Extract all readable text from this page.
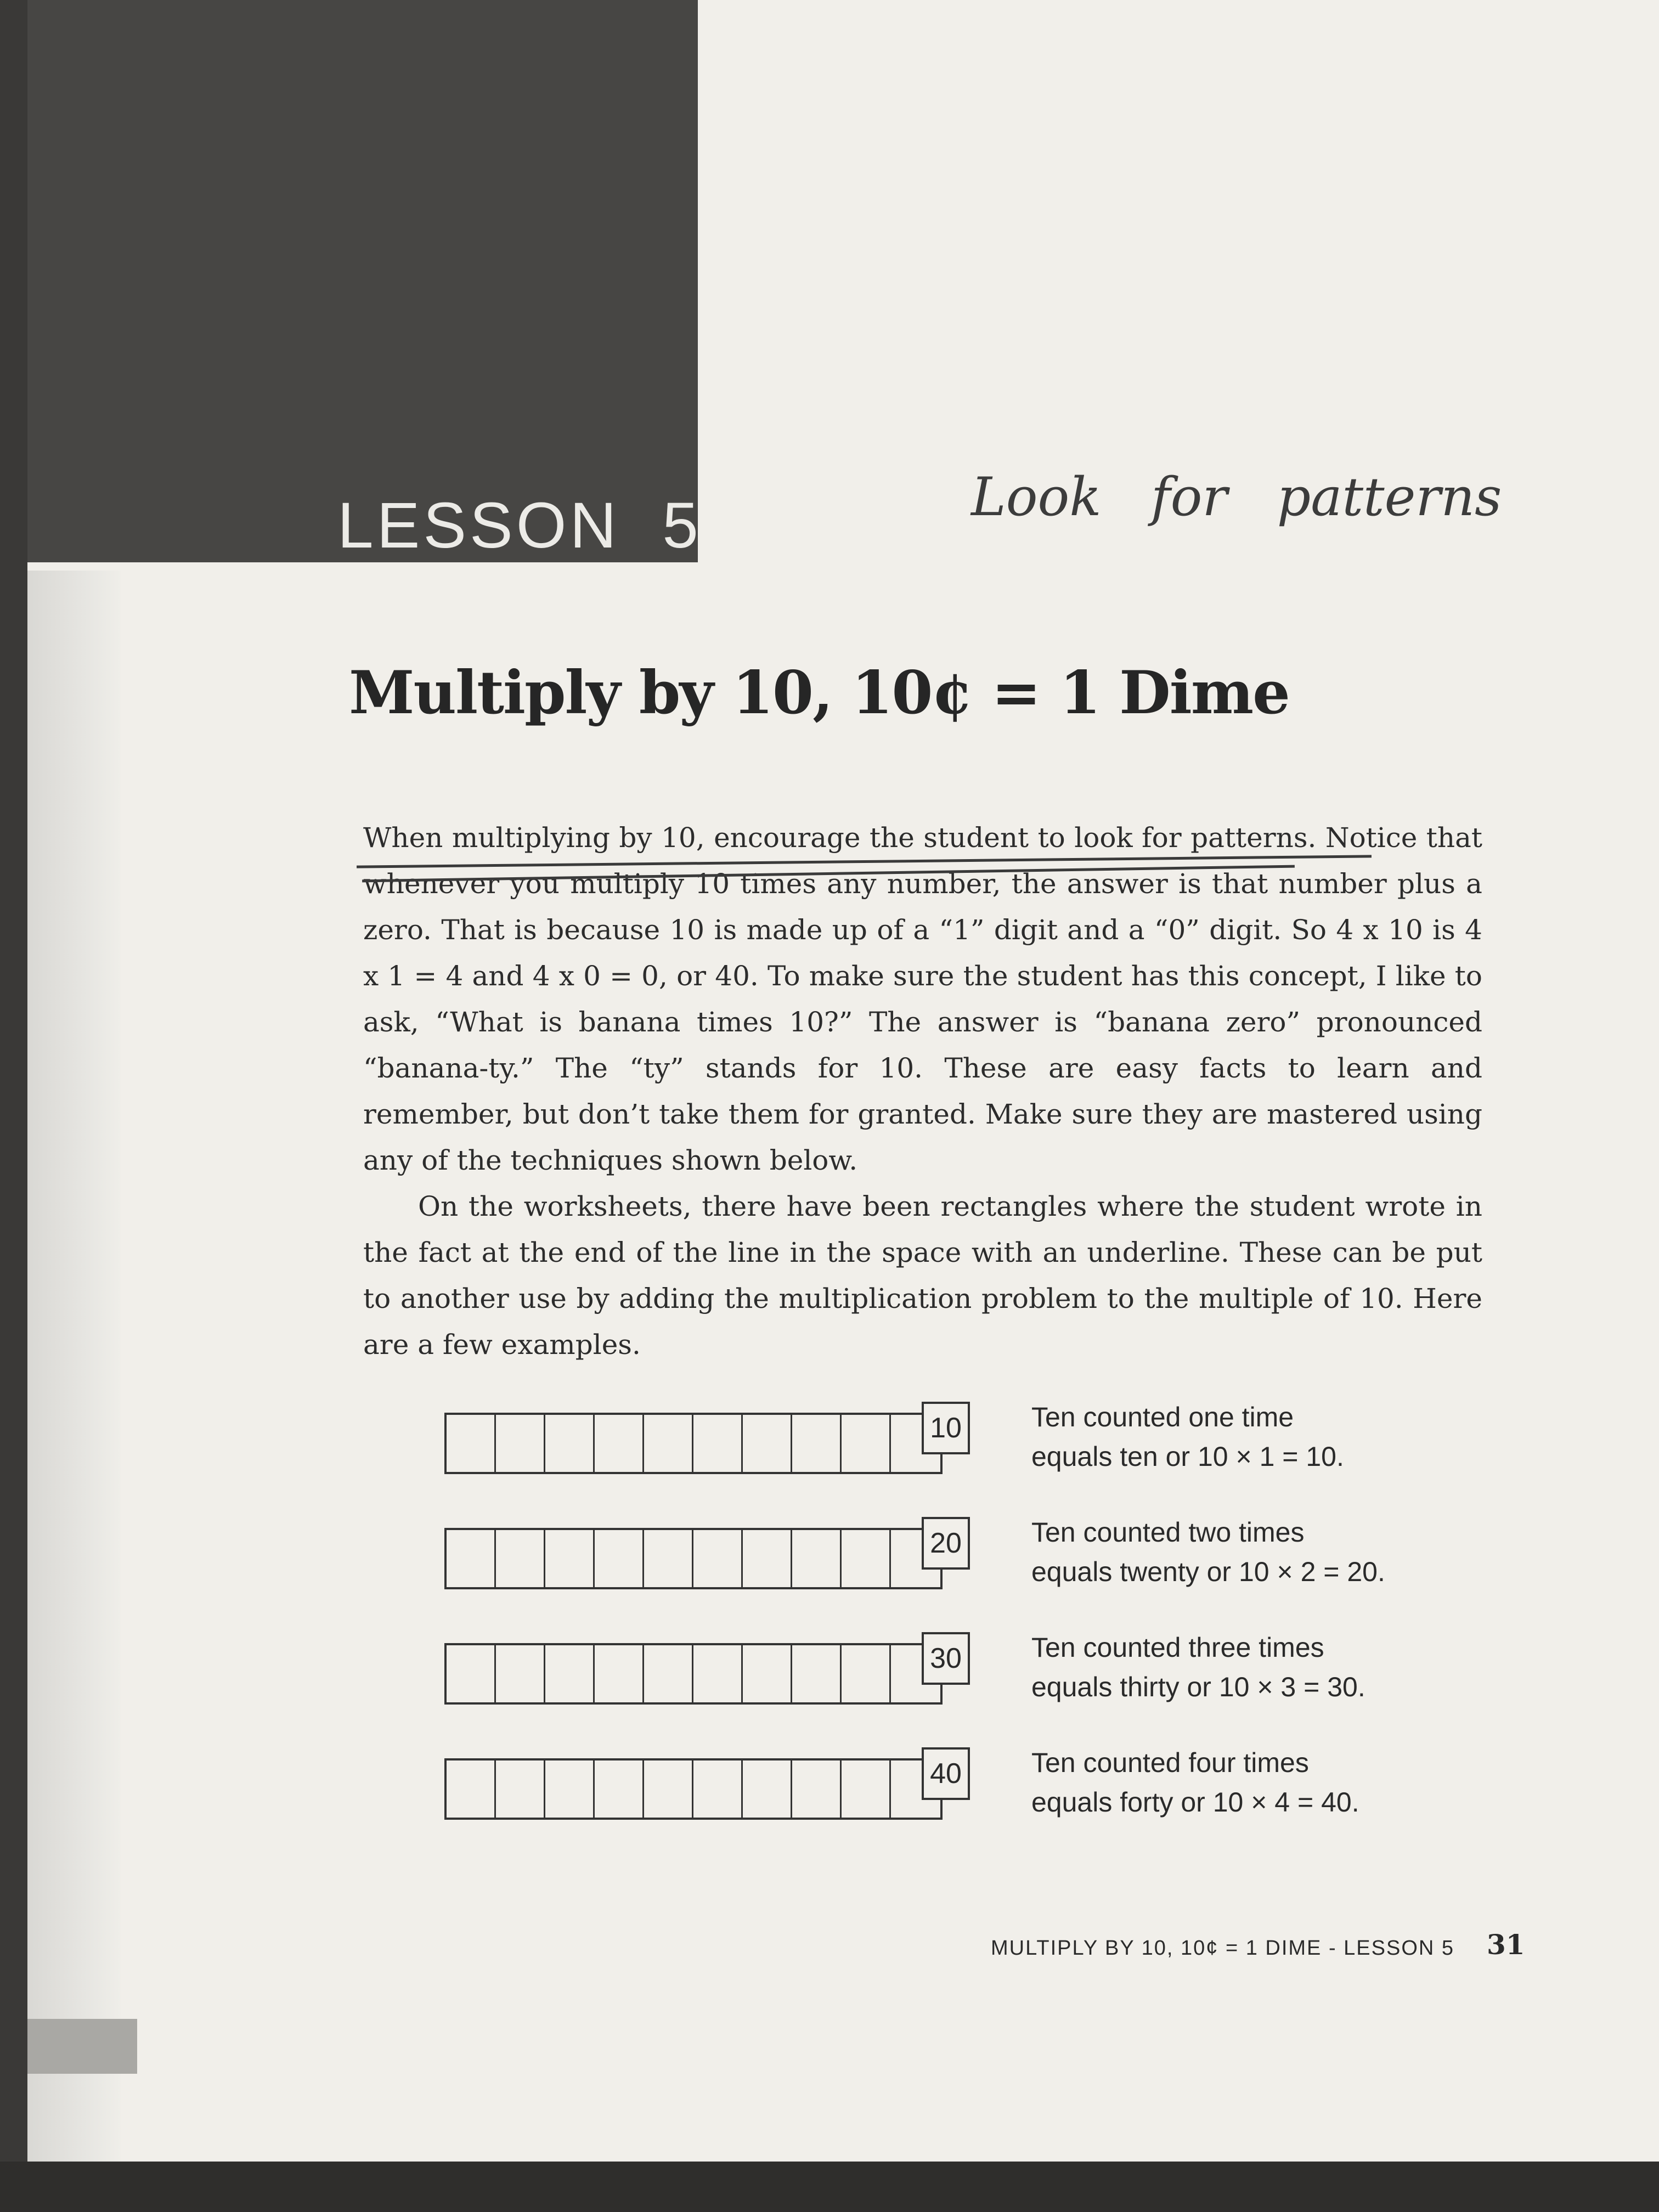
LESSON  5	Look for patterns
Multiply by 10, 10¢ = 1 Dime

When multiplying by 10, encourage the student to look for patterns. Notice that whenever you multiply 10 times any number, the answer is that number plus a zero. That is because 10 is made up of a “1” digit and a “0” digit. So 4 x 10 is 4 x 1 = 4 and 4 x 0 = 0, or 40. To make sure the student has this concept, I like to ask, “What is banana times 10?” The answer is “banana zero” pronounced “banana-ty.” The “ty” stands for 10. These are easy facts to learn and remember, but don’t take them for granted. Make sure they are mastered using any of the techniques shown below.

On the worksheets, there have been rectangles where the student wrote in the fact at the end of the line in the space with an underline. These can be put to another use by adding the multiplication problem to the multiple of 10. Here are a few examples.

10	Ten counted one time
equals ten or 10 × 1 = 10.
20	Ten counted two times
equals twenty or 10 × 2 = 20.
30	Ten counted three times
equals thirty or 10 × 3 = 30.
40	Ten counted four times
equals forty or 10 × 4 = 40.
MULTIPLY BY 10, 10¢ = 1 DIME - LESSON 5 31
